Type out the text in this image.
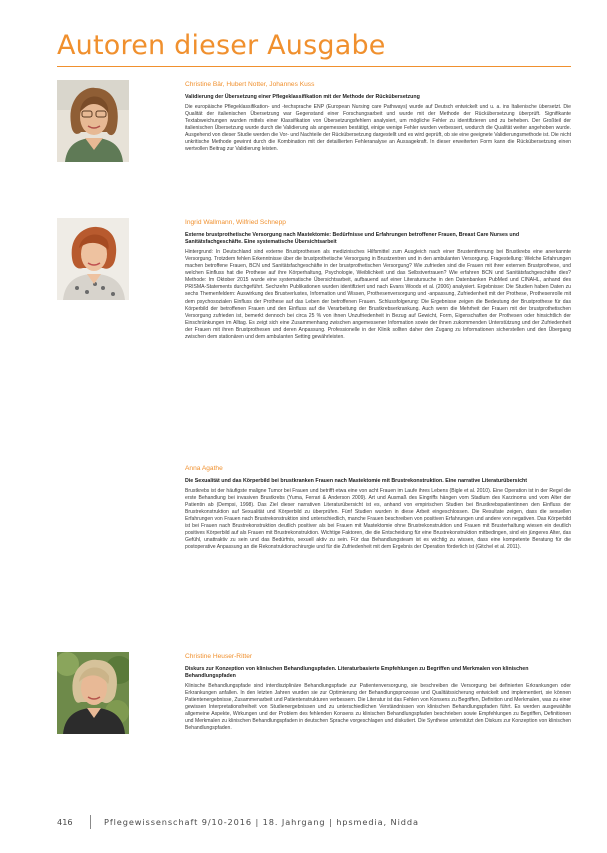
Autoren dieser Ausgabe
Christine Bär, Hubert Notter, Johannes Kuss
Validierung der Übersetzung einer Pflegeklassifikation mit der Methode der Rückübersetzung

Die europäische Pflegeklassifikation- und -techsprache ENP (European Nursing care Pathways) wurde auf Deutsch entwickelt und u. a. ins Italienische übersetzt. Die Qualität der italienischen Übersetzung war Gegenstand einer Forschungsarbeit und wurde mit der Methode der Rückübersetzung überprüft. Signifikante Textabweichungen wurden mittels einer Klassifikation von Übersetzungsfehlern analysiert, um mögliche Fehler zu identifizieren und zu beheben. Der Großteil der italienischen Übersetzung wurde durch die Validierung als angemessen bestätigt, einige wenige Fehler wurden verbessert, wodurch die Qualität weiter angehoben wurde. Ausgehend von dieser Studie werden die Vor- und Nachteile der Rückübersetzung dargestellt und es wird geprüft, ob sie eine geeignete Validierungsmethode ist. Die nicht unkritische Methode gewinnt durch die Kombination mit der detaillierten Fehleranalyse an Aussagekraft. In dieser erweiterten Form kann die Rückübersetzung einen wertvollen Beitrag zur Validierung leisten.

Ingrid Wallmann, Wilfried Schnepp
Externe brustprothetische Versorgung nach Mastektomie: Bedürfnisse und Erfahrungen betroffener Frauen, Breast Care Nurses und Sanitätsfachgeschäfte. Eine systematische Übersichtsarbeit

Hintergrund: In Deutschland sind externe Brustprothesen als medizinisches Hilfsmittel zum Ausgleich nach einer Brustentfernung bei Brustkrebs eine anerkannte Versorgung. Trotzdem fehlen Erkenntnisse über die brustprothetische Versorgung in Brustzentren und in den ambulanten Versorgung. Fragestellung: Welche Erfahrungen machen betroffene Frauen, BCN und Sanitätsfachgeschäfte in der brustprothetischen Versorgung? Wie zufrieden sind die Frauen mit ihrer externen Brustprothese, und welchen Einfluss hat die Prothese auf ihre Körperhaltung, Psychologie, Weiblichkeit und das Selbstvertrauen? Wie erfahren BCN und Sanitätsfachgeschäfte dies? Methode: Im Oktober 2015 wurde eine systematische Übersichtsarbeit, aufbauend auf einer Literatursuche in den Datenbanken PubMed und CINAHL, anhand des PRISMA-Statements durchgeführt. Sechzehn Publikationen wurden identifiziert und nach Evans Woods et al. (2006) analysiert. Ergebnisse: Die Studien haben Daten zu sechs Themenfeldern: Auswirkung des Brustverlustes, Information und Wissen, Prothesenversorgung und -anpassung, Zufriedenheit mit der Prothese, Prothesenrolle mit dem psychosozialen Einfluss der Prothese auf das Leben der betroffenen Frauen. Schlussfolgerung: Die Ergebnisse zeigen die Bedeutung der Brustprothese für das Körperbild der betroffenen Frauen und den Einfluss auf die Verarbeitung der Brustkrebserkrankung. Auch wenn die Mehrheit der Frauen mit der brustprothetischen Versorgung zufrieden ist, bemerkt dennoch bei circa 25 % von ihnen Unzufriedenheit in Bezug auf Gewicht, Form, Eigenschaften der Prothesen oder hinsichtlich der Einschränkungen im Alltag. Es zeigt sich eine Zusammenhang zwischen angemessener Information sowie der ihnen zukommenden Unterstützung und der Zufriedenheit der Frauen mit ihren Brustprothesen und deren Anpassung. Professionelle in der Klinik sollten daher den Zugang zu Informationen sicherstellen und den Übergang zwischen dem stationären und dem ambulanten Setting gewährleisten.

Anna Agathe
Die Sexualität und das Körperbild bei brustkranken Frauen nach Mastektomie mit Brustrekonstruktion. Eine narrative Literaturübersicht

Brustkrebs ist der häufigste maligne Tumor bei Frauen und betrifft etwa eine von acht Frauen im Laufe ihres Lebens (Bigle et al. 2010). Eine Operation ist in der Regel die erste Behandlung bei invasiven Brustkrebs (Yuma, Ferrari & Anderson 2009). Art und Ausmaß des Eingriffs hängen vom Stadium des Karzinoms und vom Alter der Patientin ab (Dempsi, 1998). Das Ziel dieser narrativen Literaturübersicht ist es, anhand von empirischen Studien bei Brustkrebspatientinnen den Einfluss der Brustrekonstruktion auf Sexualität und Körperbild zu überprüfen. Fünf Studien wurden in diese Arbeit eingeschlossen. Die Resultate zeigen, dass die sexuellen Erfahrungen von Frauen nach Brustrekonstruktion sind unterschiedlich, manche Frauen beschreiben von positiven Erfahrungen und andere von negativen. Das Körperbild ist bei Frauen nach Brustrekonstruktion deutlich positiver als bei Frauen mit Mastektomie ohne Brustrekonstruktion und Frauen mit Brusterhaltung wiesen ein deutlich positives Körperbild auf als Frauen mit Brustrekonstruktion. Wichtige Faktoren, die die Entscheidung für eine Brustrekonstruktion mitbedingen, sind ein jüngeres Alter, das Gefühl, unattraktiv zu sein und das Bedürfnis, sexuell aktiv zu sein. Für das Behandlungsteam ist es wichtig zu wissen, dass eine kompetente Beratung für die postoperative Anpassung an die Rekonstruktionschirurgie und für die Zufriedenheit mit dem Ergebnis der Operation förderlich ist (Gitchel et al. 2011).

Christine Heuser-Ritter
Diskurs zur Konzeption von klinischen Behandlungspfaden. Literaturbasierte Empfehlungen zu Begriffen und Merkmalen von klinischen Behandlungspfaden

Klinische Behandlungspfade sind interdisziplinäre Behandlungspfade zur Patientenversorgung, sie beschreiben die Versorgung bei definierten Erkrankungen oder Erkrankungen anfallen. In den letzten Jahren wurden sie zur Optimierung der Behandlungsprozesse und Qualitätssicherung entwickelt und implementiert, sie können Patientenergebnisse, Zusammenarbeit und Patientenstrukturen verbessern. Die Literatur ist das Fehlen von Konsens zu Begriffen, Definition und Merkmalen, was zu einer gewissen Interpretationsfreiheit von Studienergebnissen und zu unterschiedlichen Verständnissen von klinischen Behandlungspfaden führt. Es werden ausgewählte allgemeine Aspekte, Wirkungen und der Problem des fehlenden Konsens zu klinischen Behandlungspfaden beschrieben sowie Empfehlungen zu Begriffen, Definitionen und Merkmalen zu klinischen Behandlungspfaden in deutschen Sprache vorgeschlagen und diskutiert. Die Synthese unterstützt den Diskurs zur Konzeption von klinischen Behandlungspfaden.

416	Pflegewissenschaft 9/10-2016 | 18. Jahrgang | hpsmedia, Nidda
